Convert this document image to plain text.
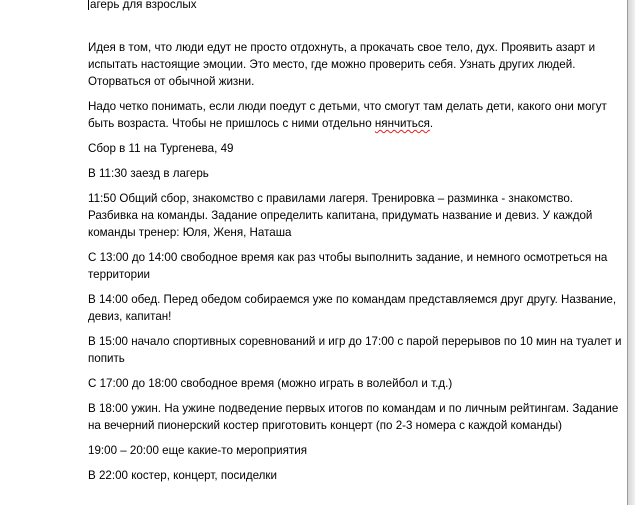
агерь для взрослых

Идея в том, что люди едут не просто отдохнуть, а прокачать свое тело, дух. Проявить азарт и
испытать настоящие эмоции. Это место, где можно проверить себя. Узнать других людей.
Оторваться от обычной жизни.

Надо четко понимать, если люди поедут с детьми, что смогут там делать дети, какого они могут
быть возраста. Чтобы не пришлось с ними отдельно нянчиться.

Сбор в 11 на Тургенева, 49

В 11:30 заезд в лагерь

11:50 Общий сбор, знакомство с правилами лагеря. Тренировка – разминка - знакомство.
Разбивка на команды. Задание определить капитана, придумать название и девиз. У каждой
команды тренер: Юля, Женя, Наташа

С 13:00 до 14:00 свободное время как раз чтобы выполнить задание, и немного осмотреться на
территории

В 14:00 обед. Перед обедом собираемся уже по командам представляемся друг другу. Название,
девиз, капитан!

В 15:00 начало спортивных соревнований и игр до 17:00 с парой перерывов по 10 мин на туалет и
попить

С 17:00 до 18:00 свободное время (можно играть в волейбол и т.д.)

В 18:00 ужин. На ужине подведение первых итогов по командам и по личным рейтингам. Задание
на вечерний пионерский костер приготовить концерт (по 2-3 номера с каждой команды)

19:00 – 20:00 еще какие-то мероприятия

В 22:00 костер, концерт, посиделки
